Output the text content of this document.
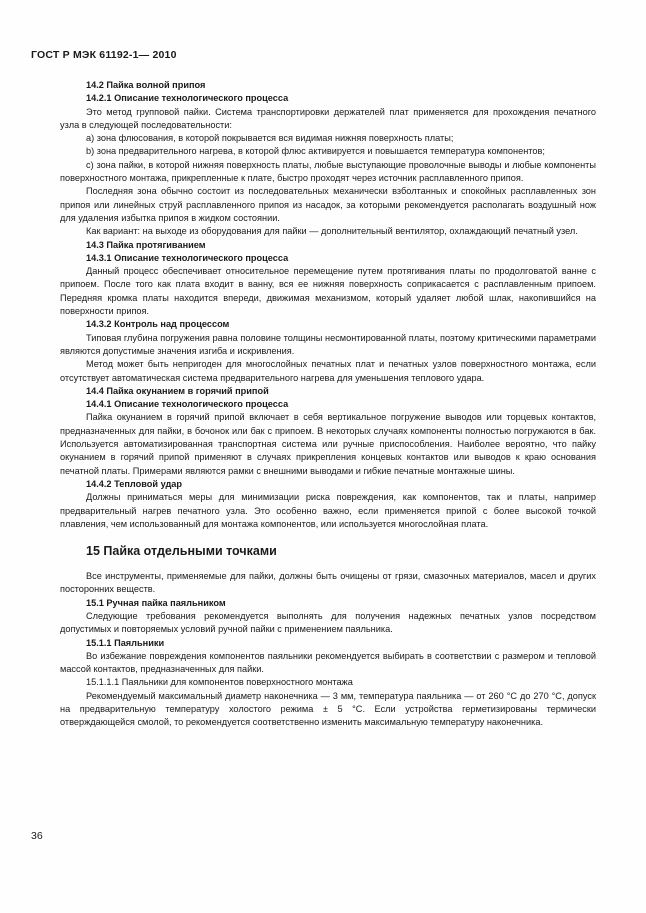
ГОСТ Р МЭК 61192-1— 2010

14.2 Пайка волной припоя

14.2.1 Описание технологического процесса

Это метод групповой пайки. Система транспортировки держателей плат применяется для прохождения печатного узла в следующей последовательности:

а) зона флюсования, в которой покрывается вся видимая нижняя поверхность платы;

b) зона предварительного нагрева, в которой флюс активируется и повышается температура компонентов;

с) зона пайки, в которой нижняя поверхность платы, любые выступающие проволочные выводы и любые компоненты поверхностного монтажа, прикрепленные к плате, быстро проходят через источник расплавленного припоя.

Последняя зона обычно состоит из последовательных механически взболтанных и спокойных расплавленных зон припоя или линейных струй расплавленного припоя из насадок, за которыми рекомендуется располагать воздушный нож для удаления избытка припоя в жидком состоянии.

Как вариант: на выходе из оборудования для пайки — дополнительный вентилятор, охлаждающий печатный узел.

14.3 Пайка протягиванием

14.3.1 Описание технологического процесса

Данный процесс обеспечивает относительное перемещение путем протягивания платы по продолговатой ванне с припоем. После того как плата входит в ванну, вся ее нижняя поверхность соприкасается с расплавленным припоем. Передняя кромка платы находится впереди, движимая механизмом, который удаляет любой шлак, накопившийся на поверхности припоя.

14.3.2 Контроль над процессом

Типовая глубина погружения равна половине толщины несмонтированной платы, поэтому критическими параметрами являются допустимые значения изгиба и искривления.

Метод может быть непригоден для многослойных печатных плат и печатных узлов поверхностного монтажа, если отсутствует автоматическая система предварительного нагрева для уменьшения теплового удара.

14.4 Пайка окунанием в горячий припой

14.4.1 Описание технологического процесса

Пайка окунанием в горячий припой включает в себя вертикальное погружение выводов или торцевых контактов, предназначенных для пайки, в бочонок или бак с припоем. В некоторых случаях компоненты полностью погружаются в бак. Используется автоматизированная транспортная система или ручные приспособления. Наиболее вероятно, что пайку окунанием в горячий припой применяют в случаях прикрепления концевых контактов или выводов к краю основания печатной платы. Примерами являются рамки с внешними выводами и гибкие печатные монтажные шины.

14.4.2 Тепловой удар

Должны приниматься меры для минимизации риска повреждения, как компонентов, так и платы, например предварительный нагрев печатного узла. Это особенно важно, если применяется припой с более высокой точкой плавления, чем использованный для монтажа компонентов, или используется многослойная плата.

15 Пайка отдельными точками

Все инструменты, применяемые для пайки, должны быть очищены от грязи, смазочных материалов, масел и других посторонних веществ.

15.1 Ручная пайка паяльником

Следующие требования рекомендуется выполнять для получения надежных печатных узлов посредством допустимых и повторяемых условий ручной пайки с применением паяльника.

15.1.1 Паяльники

Во избежание повреждения компонентов паяльники рекомендуется выбирать в соответствии с размером и тепловой массой контактов, предназначенных для пайки.

15.1.1.1 Паяльники для компонентов поверхностного монтажа

Рекомендуемый максимальный диаметр наконечника — 3 мм, температура паяльника — от 260 °С до 270 °С, допуск на предварительную температуру холостого режима ± 5 °С. Если устройства герметизированы термически отверждающейся смолой, то рекомендуется соответственно изменить максимальную температуру наконечника.

36
